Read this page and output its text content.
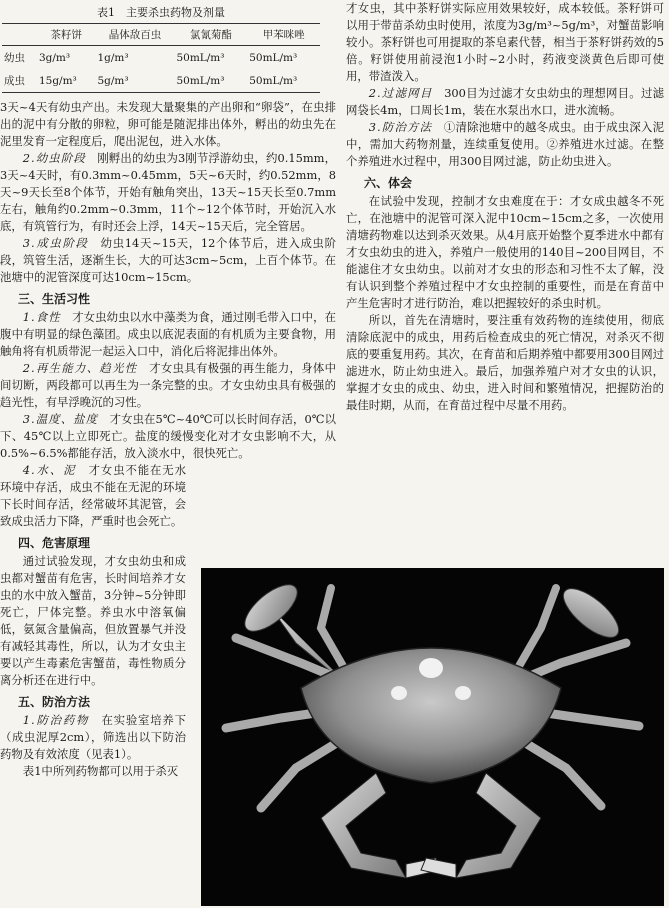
表1　主要杀虫药物及剂量
	茶籽饼	晶体敌百虫	氯氰菊酯	甲苯咪唑
幼虫	3g/m³	1g/m³	50mL/m³	50mL/m³
成虫	15g/m³	5g/m³	50mL/m³	50mL/m³

3天~4天有幼虫产出。未发现大量聚集的产出卵和“卵袋”，在虫排出的泥中有分散的卵粒，卵可能是随泥排出体外，孵出的幼虫先在泥里发育一定程度后，爬出泥包，进入水体。

2.幼虫阶段　 刚孵出的幼虫为3刚节浮游幼虫，约0.15mm，3天~4天时，有0.3mm~0.45mm，5天~6天时，约0.52mm，8天~9天长至8个体节，开始有触角突出，13天~15天长至0.7mm左右，触角约0.2mm~0.3mm，11个~12个体节时，开始沉入水底，有筑管行为，有时还会上浮，14天~15天后，完全管居。

3.成虫阶段　 幼虫14天~15天，12个体节后，进入成虫阶段，筑管生活，逐渐生长，大的可达3cm~5cm，上百个体节。在池塘中的泥管深度可达10cm~15cm。

三、生活习性

1.食性　 才女虫幼虫以水中藻类为食，通过刚毛带入口中，在腹中有明显的绿色藻团。成虫以底泥表面的有机质为主要食物，用触角将有机质带泥一起运入口中，消化后将泥排出体外。

2.再生能力、趋光性　 才女虫具有极强的再生能力，身体中间切断，两段都可以再生为一条完整的虫。才女虫幼虫具有极强的趋光性，有早浮晚沉的习性。

3.温度、盐度　 才女虫在5℃~40℃可以长时间存活，0℃以下、45℃以上立即死亡。盐度的缓慢变化对才女虫影响不大，从0.5%~6.5%都能存活，放入淡水中，很快死亡。

4.水、泥　 才女虫不能在无水环境中存活，成虫不能在无泥的环境下长时间存活，经常破坏其泥管，会致成虫活力下降，严重时也会死亡。

四、危害原理

通过试验发现，才女虫幼虫和成虫都对蟹苗有危害，长时间培养才女虫的水中放入蟹苗，3分钟~5分钟即死亡，尸体完整。养虫水中溶氧偏低，氨氮含量偏高，但放置暴气并没有减轻其毒性，所以，认为才女虫主要以产生毒素危害蟹苗，毒性物质分离分析还在进行中。

五、防治方法

1.防治药物　 在实验室培养下（成虫泥厚2cm），筛选出以下防治药物及有效浓度（见表1）。

表1中所列药物都可以用于杀灭

才女虫，其中茶籽饼实际应用效果较好，成本较低。茶籽饼可以用于带苗杀幼虫时使用，浓度为3g/m³~5g/m³，对蟹苗影响较小。茶籽饼也可用提取的茶皂素代替，相当于茶籽饼药效的5倍。籽饼使用前浸泡1小时~2小时，药液变淡黄色后即可使用，带渣泼入。

2.过滤网目　 300目为过滤才女虫幼虫的理想网目。过滤网袋长4m，口周长1m，装在水泵出水口，进水流畅。

3.防治方法　 ①清除池塘中的越冬成虫。由于成虫深入泥中，需加大药物剂量，连续重复使用。②养殖进水过滤。在整个养殖进水过程中，用300目网过滤，防止幼虫进入。

六、体会

在试验中发现，控制才女虫难度在于：才女成虫越冬不死亡，在池塘中的泥管可深入泥中10cm~15cm之多，一次使用清塘药物难以达到杀灭效果。从4月底开始整个夏季进水中都有才女虫幼虫的进入，养殖户一般使用的140目~200目网目，不能滤住才女虫幼虫。以前对才女虫的形态和习性不太了解，没有认识到整个养殖过程中才女虫控制的重要性，而是在育苗中产生危害时才进行防治，难以把握较好的杀虫时机。

所以，首先在清塘时，要注重有效药物的连续使用，彻底清除底泥中的成虫，用药后检查成虫的死亡情况，对杀灭不彻底的要重复用药。其次，在育苗和后期养殖中都要用300目网过滤进水，防止幼虫进入。最后，加强养殖户对才女虫的认识，掌握才女虫的成虫、幼虫，进入时间和繁殖情况，把握防治的最佳时期，从而，在育苗过程中尽量不用药。
